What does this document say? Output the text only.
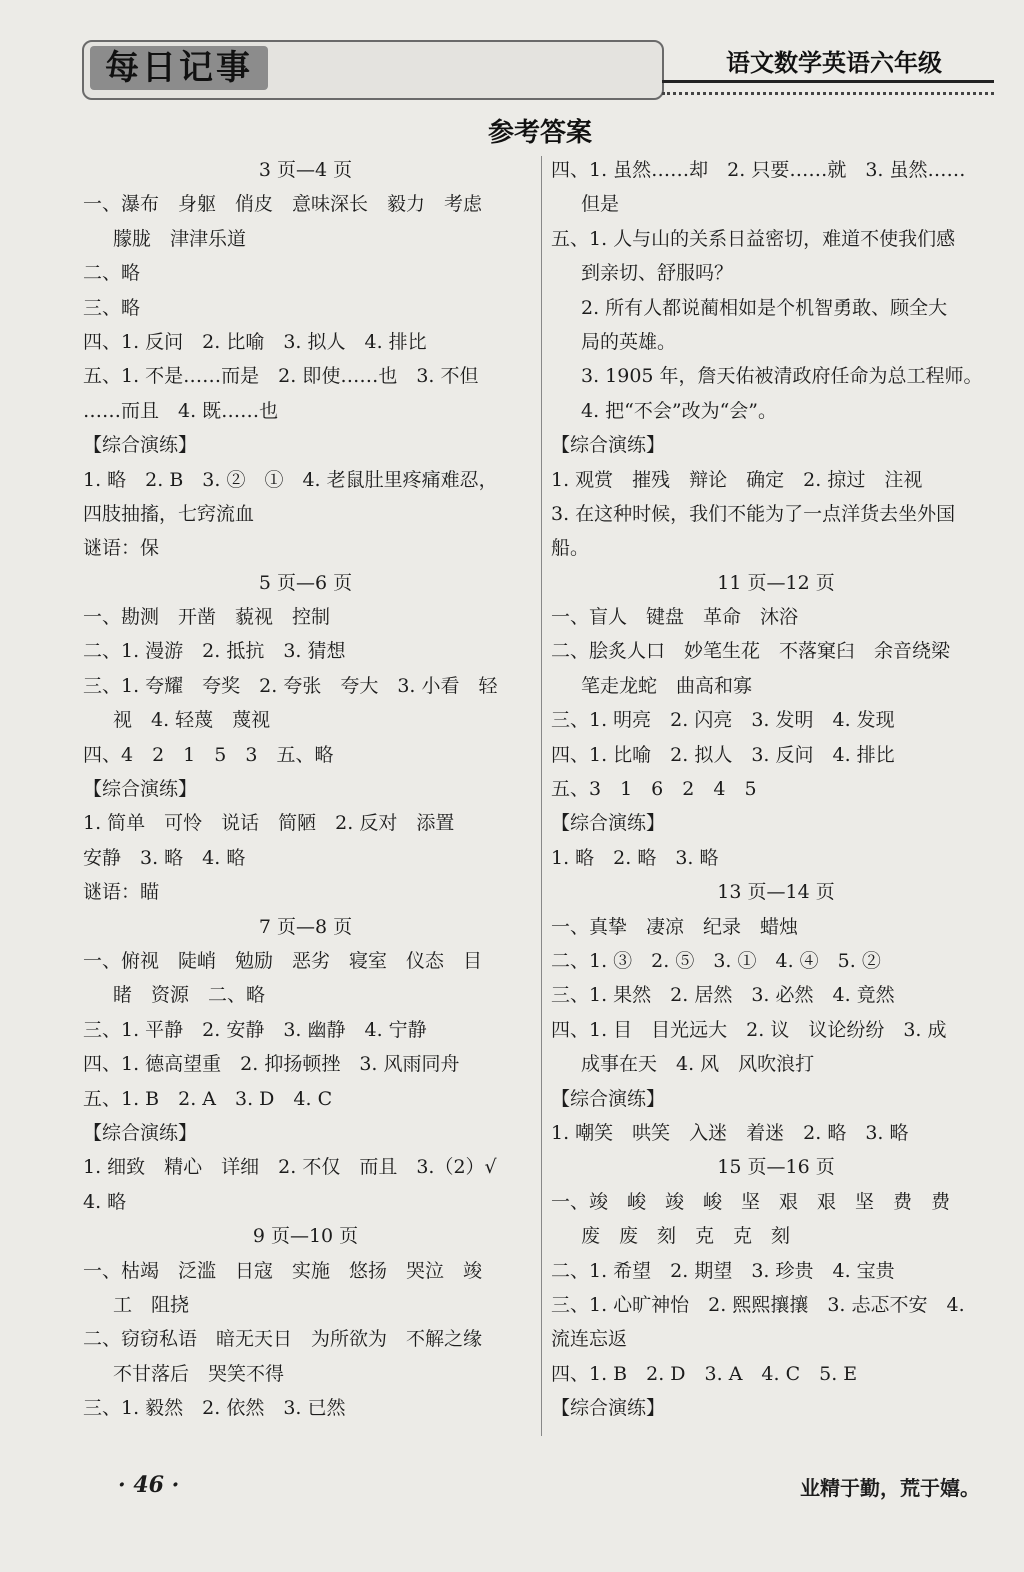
每日记事	语文数学英语六年级
参考答案
3 页—4 页
一、瀑布　身躯　俏皮　意味深长　毅力　考虑
朦胧　津津乐道
二、略
三、略
四、1. 反问　2. 比喻　3. 拟人　4. 排比
五、1. 不是……而是　2. 即使……也　3. 不但
……而且　4. 既……也
【综合演练】
1. 略　2. B　3. ②　①　4. 老鼠肚里疼痛难忍，
四肢抽搐，七窍流血
谜语：保
5 页—6 页
一、勘测　开凿　藐视　控制
二、1. 漫游　2. 抵抗　3. 猜想
三、1. 夸耀　夸奖　2. 夸张　夸大　3. 小看　轻
视　4. 轻蔑　蔑视
四、4　2　1　5　3　五、略
【综合演练】
1. 简单　可怜　说话　简陋　2. 反对　添置
安静　3. 略　4. 略
谜语：瞄
7 页—8 页
一、俯视　陡峭　勉励　恶劣　寝室　仪态　目
睹　资源　二、略
三、1. 平静　2. 安静　3. 幽静　4. 宁静
四、1. 德高望重　2. 抑扬顿挫　3. 风雨同舟
五、1. B　2. A　3. D　4. C
【综合演练】
1. 细致　精心　详细　2. 不仅　而且　3.（2）√
4. 略
9 页—10 页
一、枯竭　泛滥　日寇　实施　悠扬　哭泣　竣
工　阻挠
二、窃窃私语　暗无天日　为所欲为　不解之缘
不甘落后　哭笑不得
三、1. 毅然　2. 依然　3. 已然
四、1. 虽然……却　2. 只要……就　3. 虽然……
但是
五、1. 人与山的关系日益密切，难道不使我们感
到亲切、舒服吗？
2. 所有人都说蔺相如是个机智勇敢、顾全大
局的英雄。
3. 1905 年，詹天佑被清政府任命为总工程师。
4. 把“不会”改为“会”。
【综合演练】
1. 观赏　摧残　辩论　确定　2. 掠过　注视
3. 在这种时候，我们不能为了一点洋货去坐外国
船。
11 页—12 页
一、盲人　键盘　革命　沐浴
二、脍炙人口　妙笔生花　不落窠臼　余音绕梁
笔走龙蛇　曲高和寡
三、1. 明亮　2. 闪亮　3. 发明　4. 发现
四、1. 比喻　2. 拟人　3. 反问　4. 排比
五、3　1　6　2　4　5
【综合演练】
1. 略　2. 略　3. 略
13 页—14 页
一、真挚　凄凉　纪录　蜡烛
二、1. ③　2. ⑤　3. ①　4. ④　5. ②
三、1. 果然　2. 居然　3. 必然　4. 竟然
四、1. 目　目光远大　2. 议　议论纷纷　3. 成
成事在天　4. 风　风吹浪打
【综合演练】
1. 嘲笑　哄笑　入迷　着迷　2. 略　3. 略
15 页—16 页
一、竣　峻　竣　峻　坚　艰　艰　坚　费　费
废　废　刻　克　克　刻
二、1. 希望　2. 期望　3. 珍贵　4. 宝贵
三、1. 心旷神怡　2. 熙熙攘攘　3. 忐忑不安　4.
流连忘返
四、1. B　2. D　3. A　4. C　5. E
【综合演练】
· 46 ·	业精于勤，荒于嬉。
